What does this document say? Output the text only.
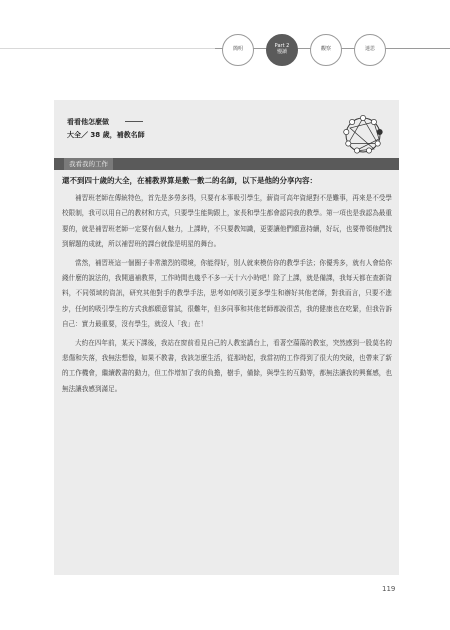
簡明	Part 2
慢讀	觀察	迷思
看看他怎麼做
大全／ 38 歲，補教名師
我看我的工作
還不到四十歲的大全，在補教界算是數一數二的名師，以下是他的分享內容：

補習班老師在傳統特色，首先是多勞多得，只要有本事吸引學生，薪資可高年資絕對不是難事，再來是不受學校限制，我可以用自己的教材和方式，只要學生能夠跟上，家長和學生都會認同我的教學。第一項也是我認為最重要的，就是補習班老師一定要有個人魅力，上課時，不只要教知識，更要讓他們願意持續，好玩，也要帶領他們找到解題的成就，所以補習班的課台就像是明星的舞台。

當然，補習班這一個圈子非常激烈的環境，你能得好，別人就來模仿你的教學手法；你優秀多，就有人會給你錢什麼的說法的，我開過補教界，工作時間也幾乎不多一天十六小時吧！除了上課，就是備課，我每天都在查新資料，不同領域的資訊，研究其他對手的教學手法，思考如何吸引更多學生和辦好其他老師，對我而言，只要不進步，任何的吸引學生的方式我都願意嘗試，很難年，但多同事和其他老師都說很苦，我的健康也在吃緊，但我告訴自己：實力最重要，沒有學生，就沒人「我」在！

大約在四年前，某天下課後，我站在窗前看見自己的人教室講台上，看著空蕩蕩的教室，突然感到一股莫名的悲傷和失落，我無法想像，如果不教書，我該怎麼生活，從那時起，我當初的工作得到了很大的突破，也帶來了新的工作機會，繼續教書的動力，但工作增加了我的負擔，樹手，備餘，與學生的互動等，都無法讓我的興奮感，也無法讓我感到滿足。

119
